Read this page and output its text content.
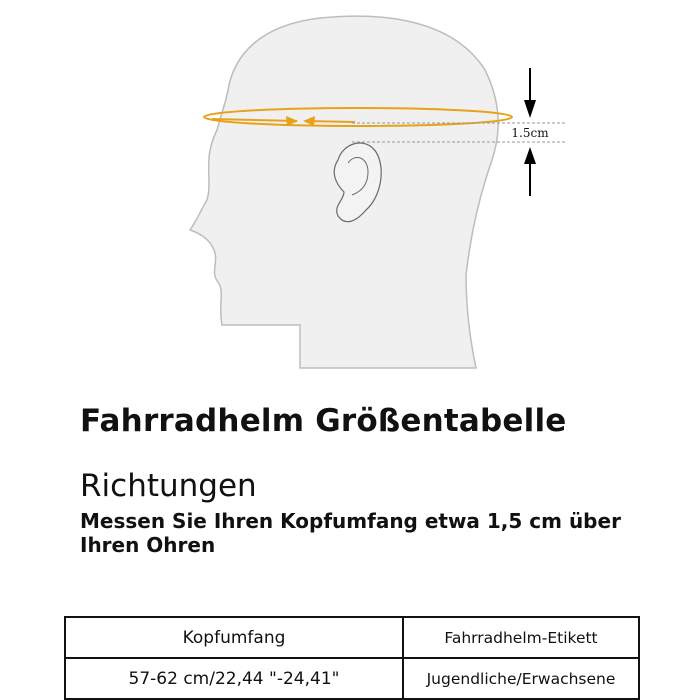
1.5cm
Fahrradhelm Größentabelle
Richtungen

Messen Sie Ihren Kopfumfang etwa 1,5 cm über Ihren Ohren

Kopfumfang	Fahrradhelm-Etikett
57-62 cm/22,44 "-24,41"	Jugendliche/Erwachsene
